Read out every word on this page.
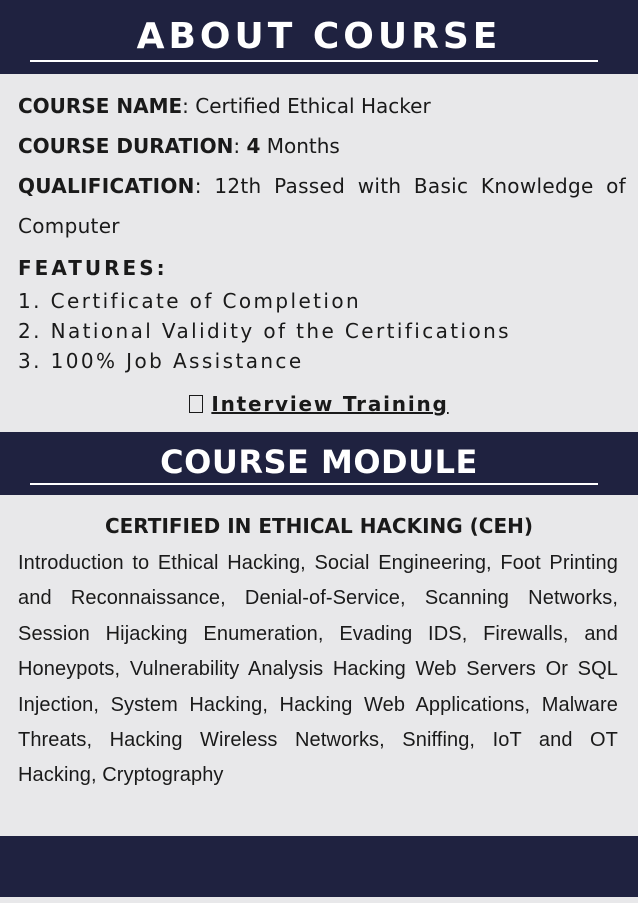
ABOUT COURSE
COURSE NAME: Certified Ethical Hacker
COURSE DURATION: 4 Months
QUALIFICATION: 12th Passed with Basic Knowledge of Computer
FEATURES:
1. Certificate of Completion
2. National Validity of the Certifications
3. 100% Job Assistance
Interview Training
COURSE MODULE
CERTIFIED IN ETHICAL HACKING (CEH)

Introduction to Ethical Hacking, Social Engineering, Foot Printing and Reconnaissance, Denial-of-Service, Scanning Networks, Session Hijacking Enumeration, Evading IDS, Firewalls, and Honeypots, Vulnerability Analysis Hacking Web Servers Or SQL Injection, System Hacking, Hacking Web Applications, Malware Threats, Hacking Wireless Networks, Sniffing, IoT and OT Hacking, Cryptography
